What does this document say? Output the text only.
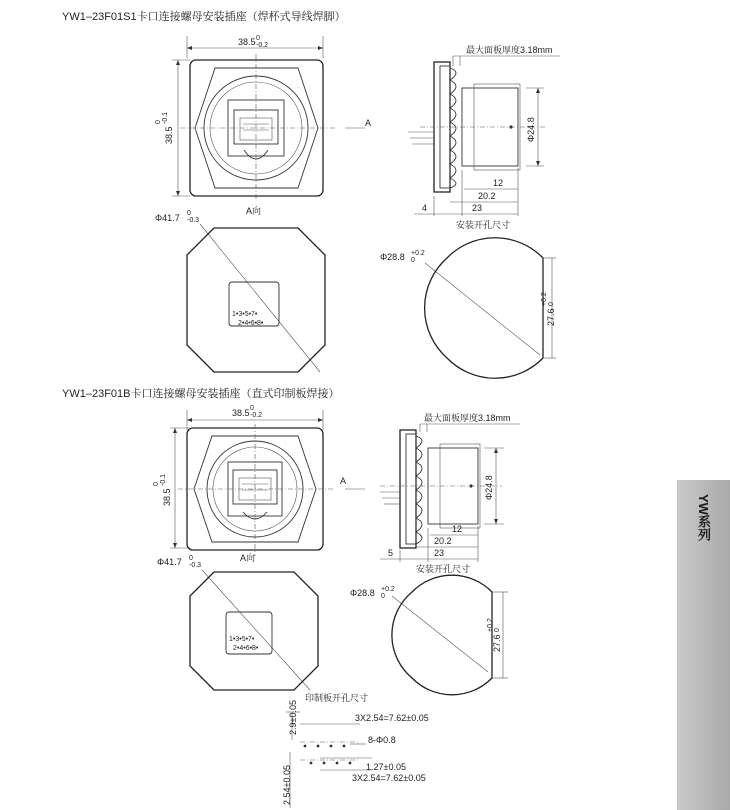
YW1–23F01S1卡口连接螺母安装插座（焊杯式导线焊脚）
38.5 0
-0.2
38.5
0 -0.1	A
最大面板厚度3.18mm
Φ24.8
12
20.2
23
4
安装开孔尺寸
A向
Φ41.7 0
-0.3
1•3•5•7•
2•4•6•8•
Φ28.8 +0.2
0
27.6
+0.2 0
YW1–23F01B卡口连接螺母安装插座（直式印制板焊接）
38.5 0
-0.2
38.5
0 -0.1	A
最大面板厚度3.18mm
Φ24.8
12
20.2
23
5
安装开孔尺寸
A向
Φ41.7 0
-0.3
1•3•5•7•
2•4•6•8•
Φ28.8 +0.2
0
27.6
+0.2 0
印制板开孔尺寸
2.9±0.05	3X2.54=7.62±0.05
8-Φ0.8
1.27±0.05
3X2.54=7.62±0.05
2.54±0.05
YW系列
